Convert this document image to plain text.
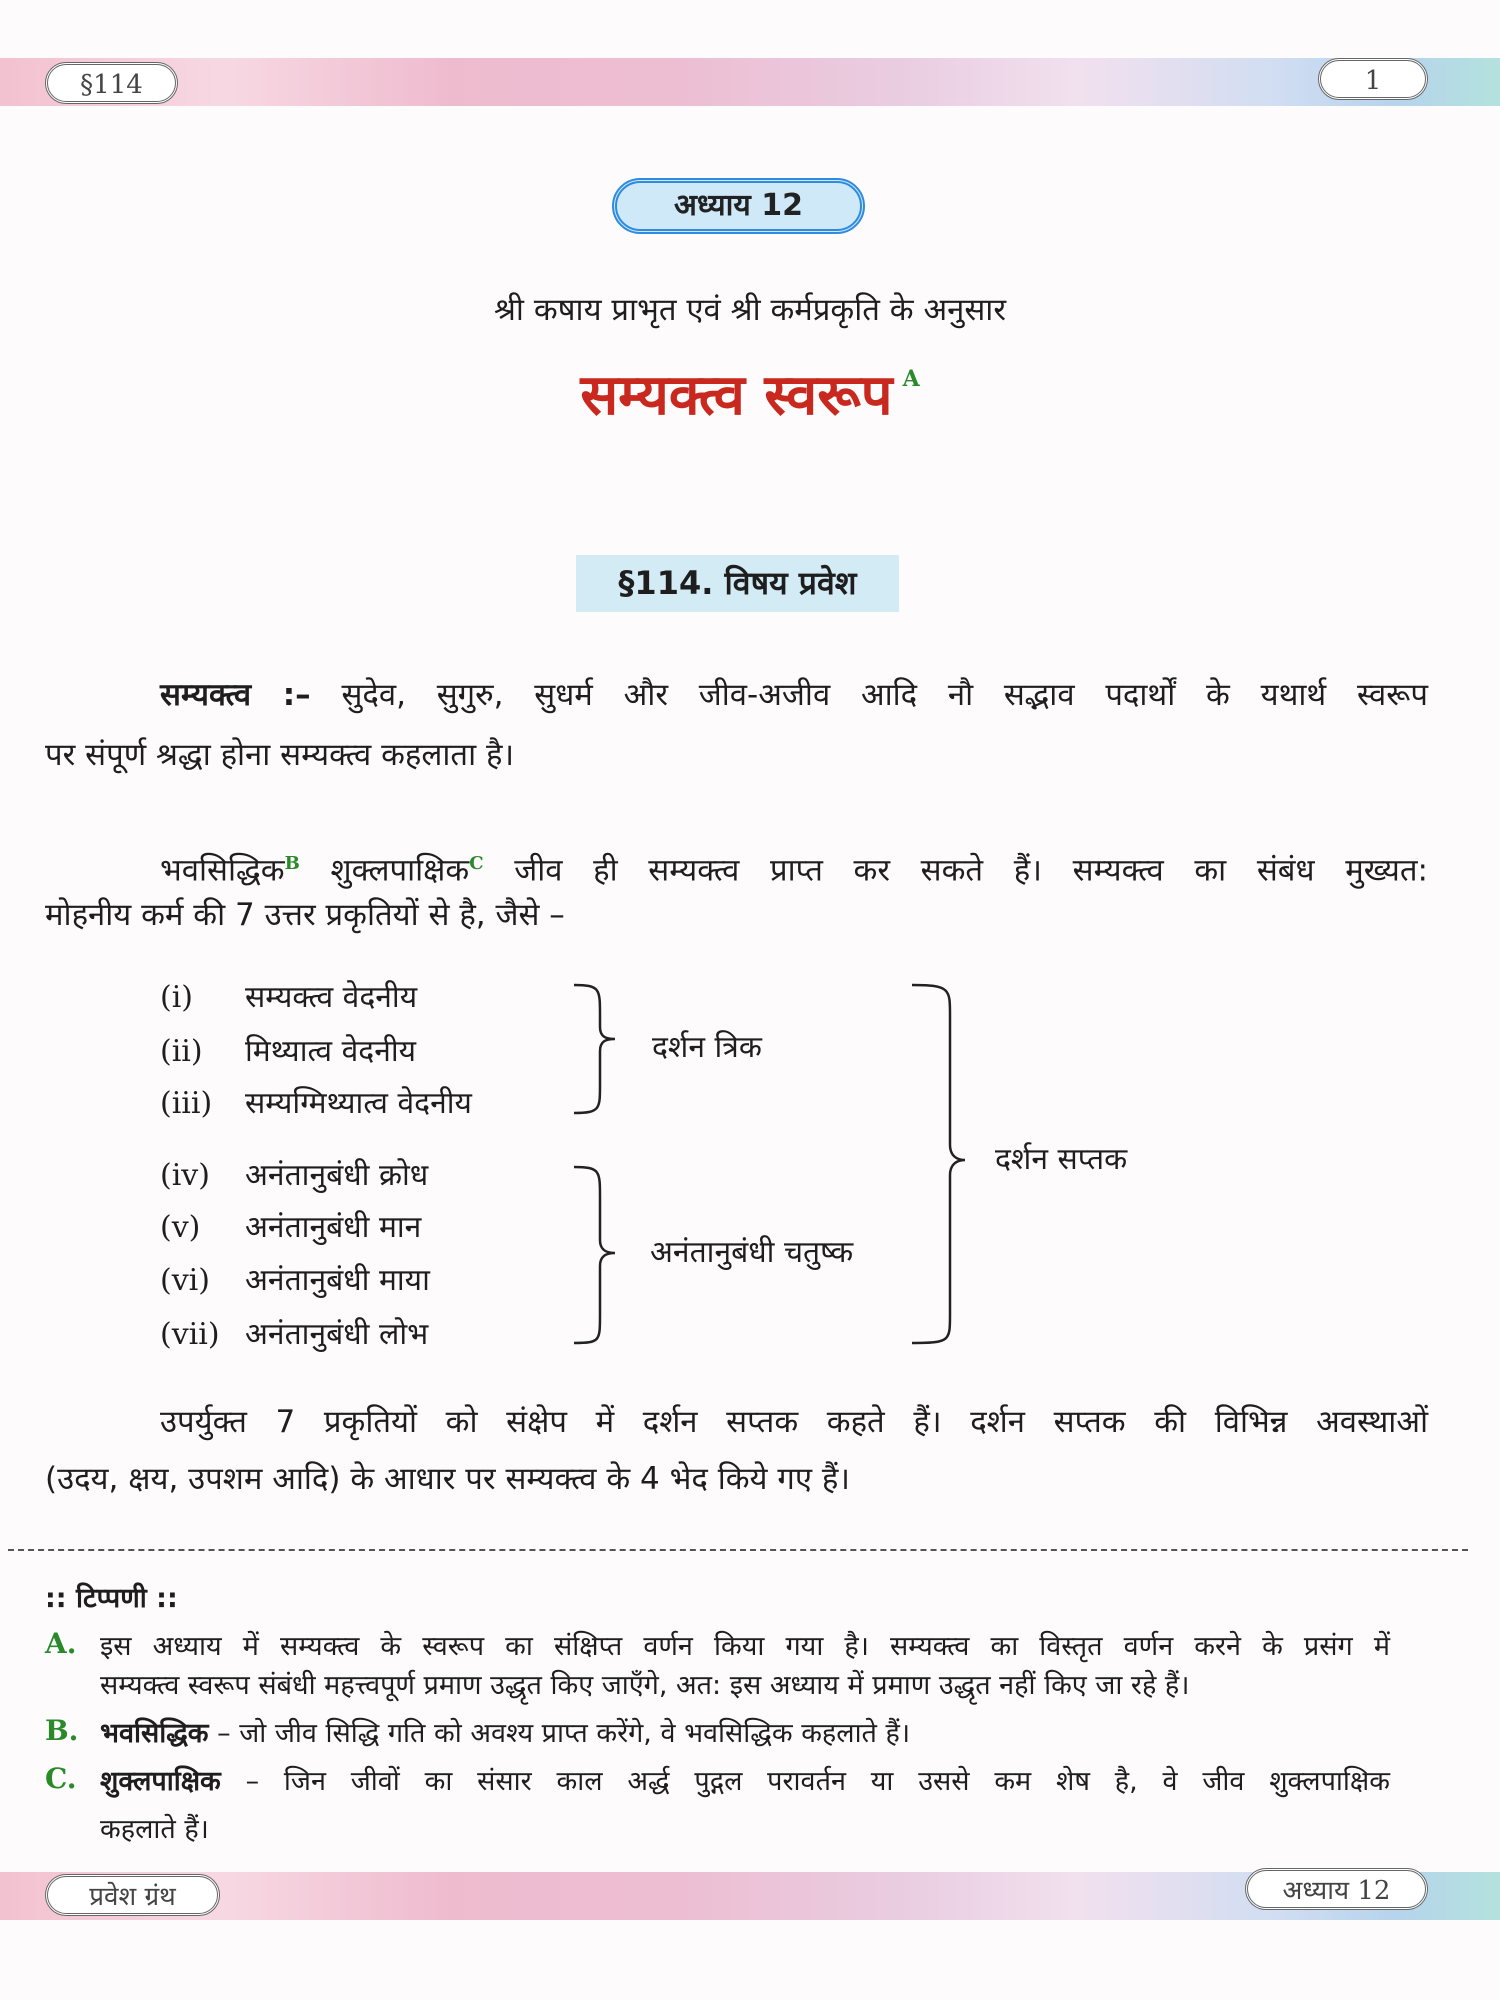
§114	1
अध्याय 12
श्री कषाय प्राभृत एवं श्री कर्मप्रकृति के अनुसार
सम्यक्त्व स्वरूप $^A$
§114. विषय प्रवेश
सम्यक्त्व :– सुदेव, सुगुरु, सुधर्म और जीव-अजीव आदि नौ सद्भाव पदार्थों के यथार्थ स्वरूप
पर संपूर्ण श्रद्धा होना सम्यक्त्व कहलाता है।
भवसिद्धिक$^B$ शुक्लपाक्षिक$^C$ जीव ही सम्यक्त्व प्राप्त कर सकते हैं। सम्यक्त्व का संबंध मुख्यत:
मोहनीय कर्म की 7 उत्तर प्रकृतियों से है, जैसे –
(i) सम्यक्त्व वेदनीय
(ii) मिथ्यात्व वेदनीय
(iii) सम्यग्मिथ्यात्व वेदनीय
(iv) अनंतानुबंधी क्रोध
(v) अनंतानुबंधी मान
(vi) अनंतानुबंधी माया
(vii) अनंतानुबंधी लोभ
दर्शन त्रिक
अनंतानुबंधी चतुष्क
दर्शन सप्तक
उपर्युक्त 7 प्रकृतियों को संक्षेप में दर्शन सप्तक कहते हैं। दर्शन सप्तक की विभिन्न अवस्थाओं
(उदय, क्षय, उपशम आदि) के आधार पर सम्यक्त्व के 4 भेद किये गए हैं।
:: टिप्पणी ::
A. इस अध्याय में सम्यक्त्व के स्वरूप का संक्षिप्त वर्णन किया गया है। सम्यक्त्व का विस्तृत वर्णन करने के प्रसंग में
सम्यक्त्व स्वरूप संबंधी महत्त्वपूर्ण प्रमाण उद्धृत किए जाएँगे, अत: इस अध्याय में प्रमाण उद्धृत नहीं किए जा रहे हैं।
B. भवसिद्धिक – जो जीव सिद्धि गति को अवश्य प्राप्त करेंगे, वे भवसिद्धिक कहलाते हैं।
C. शुक्लपाक्षिक – जिन जीवों का संसार काल अर्द्ध पुद्गल परावर्तन या उससे कम शेष है, वे जीव शुक्लपाक्षिक
कहलाते हैं।
प्रवेश ग्रंथ	अध्याय 12
